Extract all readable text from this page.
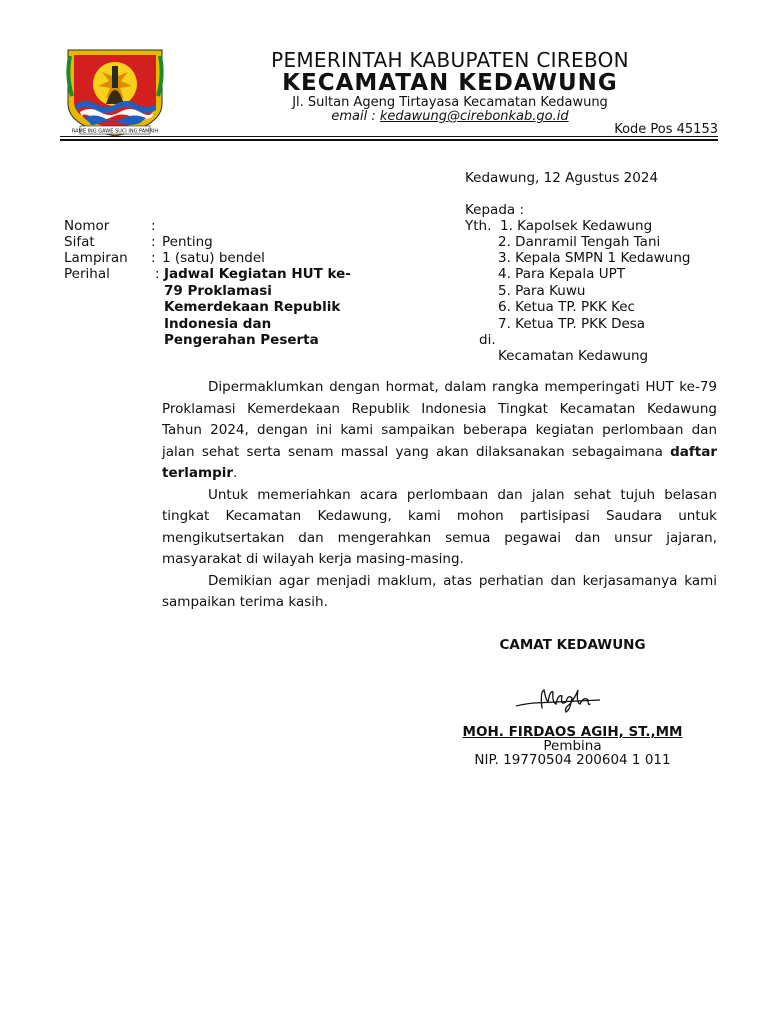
RAME ING GAWE SUCI ING PAMRIH
PEMERINTAH KABUPATEN CIREBON
KECAMATAN KEDAWUNG
Jl. Sultan Ageng Tirtayasa Kecamatan Kedawung
email : kedawung@cirebonkab.go.id
Kode Pos 45153
Kedawung, 12 Agustus 2024
Kepada :
Yth. 1. Kapolsek Kedawung
2. Danramil Tengah Tani
3. Kepala SMPN 1 Kedawung
4. Para Kepala UPT
5. Para Kuwu
6. Ketua TP. PKK Kec
7. Ketua TP. PKK Desa
di.
Kecamatan Kedawung
Nomor	:
Sifat	: Penting
Lampiran : 1 (satu) bendel
Perihal	: Jadwal Kegiatan HUT ke-
79 Proklamasi
Kemerdekaan Republik
Indonesia dan
Pengerahan Peserta

Dipermaklumkan dengan hormat, dalam rangka memperingati HUT ke-79 Proklamasi Kemerdekaan Republik Indonesia Tingkat Kecamatan Kedawung Tahun 2024, dengan ini kami sampaikan beberapa kegiatan perlombaan dan jalan sehat serta senam massal yang akan dilaksanakan sebagaimana daftar terlampir.

Untuk memeriahkan acara perlombaan dan jalan sehat tujuh belasan tingkat Kecamatan Kedawung, kami mohon partisipasi Saudara untuk mengikutsertakan dan mengerahkan semua pegawai dan unsur jajaran, masyarakat di wilayah kerja masing-masing.

Demikian agar menjadi maklum, atas perhatian dan kerjasamanya kami sampaikan terima kasih.

CAMAT KEDAWUNG
MOH. FIRDAOS AGIH, ST.,MM
Pembina
NIP. 19770504 200604 1 011
